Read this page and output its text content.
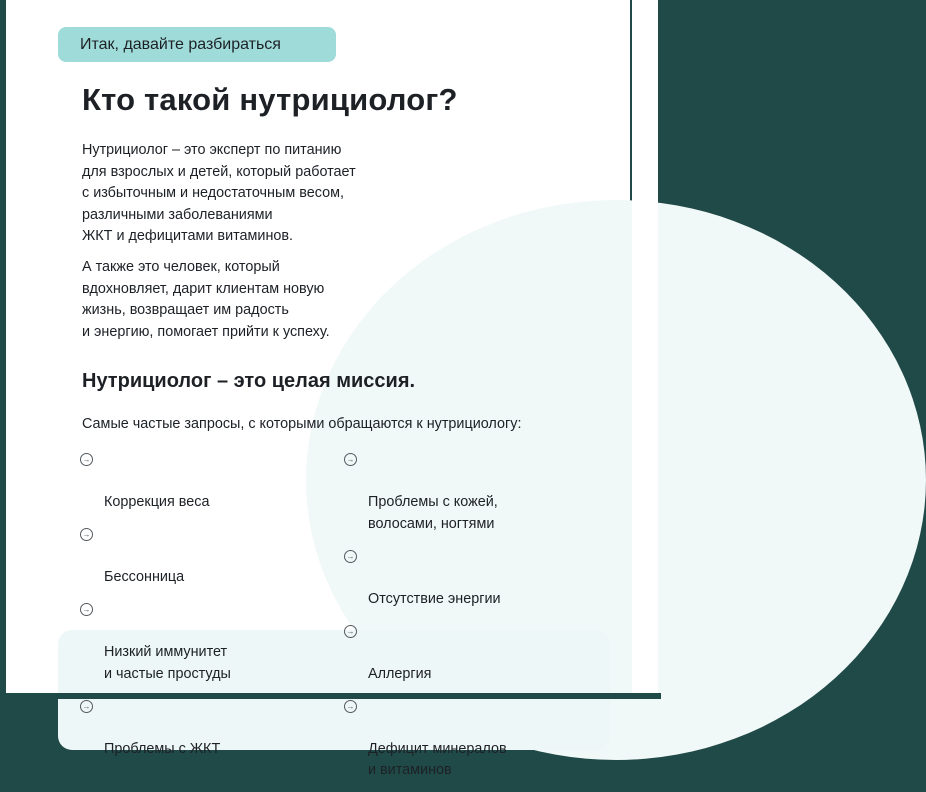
Итак, давайте разбираться
Кто такой нутрициолог?

Нутрициолог – это эксперт по питанию
для взрослых и детей, который работает
с избыточным и недостаточным весом,
различными заболеваниями
ЖКТ и дефицитами витаминов.

А также это человек, который
вдохновляет, дарит клиентам новую
жизнь, возвращает им радость
и энергию, помогает прийти к успеху.

Нутрициолог – это целая миссия.

Самые частые запросы, с которыми обращаются к нутрициологу:

→

Коррекция веса

→

Бессонница

→

Низкий иммунитет
и частые простуды

→

Проблемы с ЖКТ

→

Проблемы с кожей,
волосами, ногтями

→

Отсутствие энергии

→

Аллергия

→

Дефицит минералов
и витаминов
